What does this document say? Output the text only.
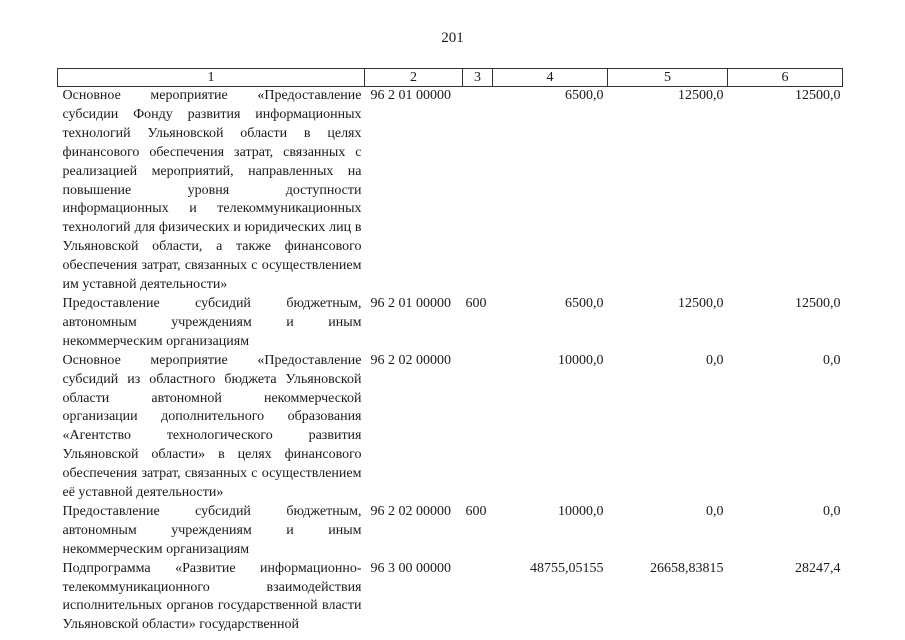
201
1	2	3	4	5	6
Основное мероприятие «Предоставление субсидии Фонду развития информационных технологий Ульяновской области в целях финансового обеспечения затрат, связанных с реализацией мероприятий, направленных на повышение уровня доступности информационных и телекоммуникационных технологий для физических и юридических лиц в Ульяновской области, а также финансового обеспечения затрат, связанных с осуществлением им уставной деятельности»	96 2 01 00000		6500,0	12500,0	12500,0
Предоставление субсидий бюджетным, автономным учреждениям и иным некоммерческим организациям	96 2 01 00000	600	6500,0	12500,0	12500,0
Основное мероприятие «Предоставление субсидий из областного бюджета Ульяновской области автономной некоммерческой организации дополнительного образования «Агентство технологического развития Ульяновской области» в целях финансового обеспечения затрат, связанных с осуществлением её уставной деятельности»	96 2 02 00000		10000,0	0,0	0,0
Предоставление субсидий бюджетным, автономным учреждениям и иным некоммерческим организациям	96 2 02 00000	600	10000,0	0,0	0,0
Подпрограмма «Развитие информационно-телекоммуникационного взаимодействия исполнительных органов государственной власти Ульяновской области» государственной	96 3 00 00000		48755,05155	26658,83815	28247,4
